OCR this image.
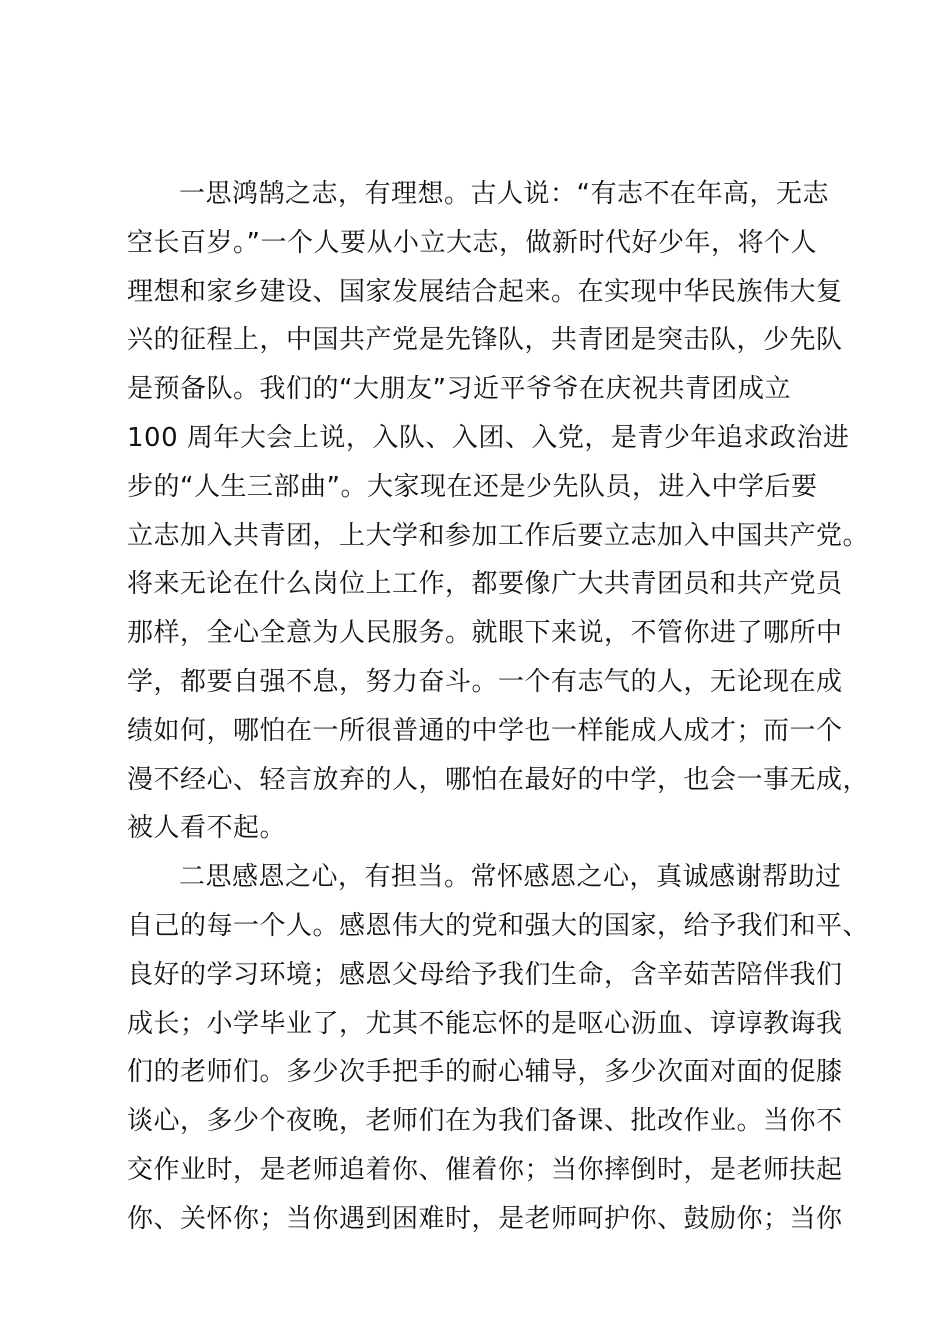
一思鸿鹄之志，有理想。古人说：“有志不在年高，无志
空长百岁。”一个人要从小立大志，做新时代好少年，将个人
理想和家乡建设、国家发展结合起来。在实现中华民族伟大复
兴的征程上，中国共产党是先锋队，共青团是突击队，少先队
是预备队。我们的“大朋友”习近平爷爷在庆祝共青团成立
100 周年大会上说，入队、入团、入党，是青少年追求政治进
步的“人生三部曲”。大家现在还是少先队员，进入中学后要
立志加入共青团，上大学和参加工作后要立志加入中国共产党。
将来无论在什么岗位上工作，都要像广大共青团员和共产党员
那样，全心全意为人民服务。就眼下来说，不管你进了哪所中
学，都要自强不息，努力奋斗。一个有志气的人，无论现在成
绩如何，哪怕在一所很普通的中学也一样能成人成才；而一个
漫不经心、轻言放弃的人，哪怕在最好的中学，也会一事无成，
被人看不起。
二思感恩之心，有担当。常怀感恩之心，真诚感谢帮助过
自己的每一个人。感恩伟大的党和强大的国家，给予我们和平、
良好的学习环境；感恩父母给予我们生命，含辛茹苦陪伴我们
成长；小学毕业了，尤其不能忘怀的是呕心沥血、谆谆教诲我
们的老师们。多少次手把手的耐心辅导，多少次面对面的促膝
谈心，多少个夜晚，老师们在为我们备课、批改作业。当你不
交作业时，是老师追着你、催着你；当你摔倒时，是老师扶起
你、关怀你；当你遇到困难时，是老师呵护你、鼓励你；当你
